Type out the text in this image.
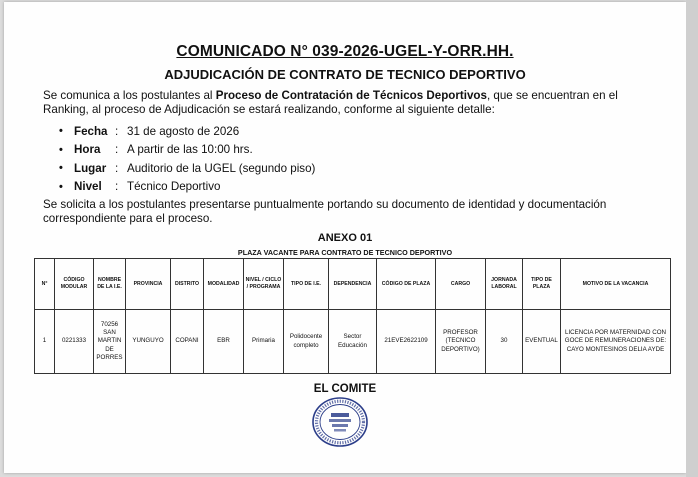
COMUNICADO N° 039-2026-UGEL-Y-ORR.HH.
ADJUDICACIÓN DE CONTRATO DE TECNICO DEPORTIVO
Se comunica a los postulantes al Proceso de Contratación de Técnicos Deportivos, que se encuentran en el Ranking, al proceso de Adjudicación se estará realizando, conforme al siguiente detalle:
• Fecha : 31 de agosto de 2026
• Hora	: A partir de las 10:00 hrs.
• Lugar : Auditorio de la UGEL (segundo piso)
• Nivel	: Técnico Deportivo
Se solicita a los postulantes presentarse puntualmente portando su documento de identidad y documentación correspondiente para el proceso.
ANEXO 01
PLAZA VACANTE PARA CONTRATO DE TECNICO DEPORTIVO
N°	CÓDIGO MODULAR	NOMBRE DE LA I.E.	PROVINCIA	DISTRITO	MODALIDAD	NIVEL / CICLO / PROGRAMA	TIPO DE I.E.	DEPENDENCIA	CÓDIGO DE PLAZA	CARGO	JORNADA LABORAL	TIPO DE PLAZA	MOTIVO DE LA VACANCIA
1	0221333	70256 SAN MARTIN DE PORRES	YUNGUYO	COPANI	EBR	Primaria	Polidocente completo	Sector Educación	21EVE2622109	PROFESOR (TECNICO DEPORTIVO)	30	EVENTUAL	LICENCIA POR MATERNIDAD CON GOCE DE REMUNERACIONES DE: CAYO MONTESINOS DELIA AYDE
EL COMITE
